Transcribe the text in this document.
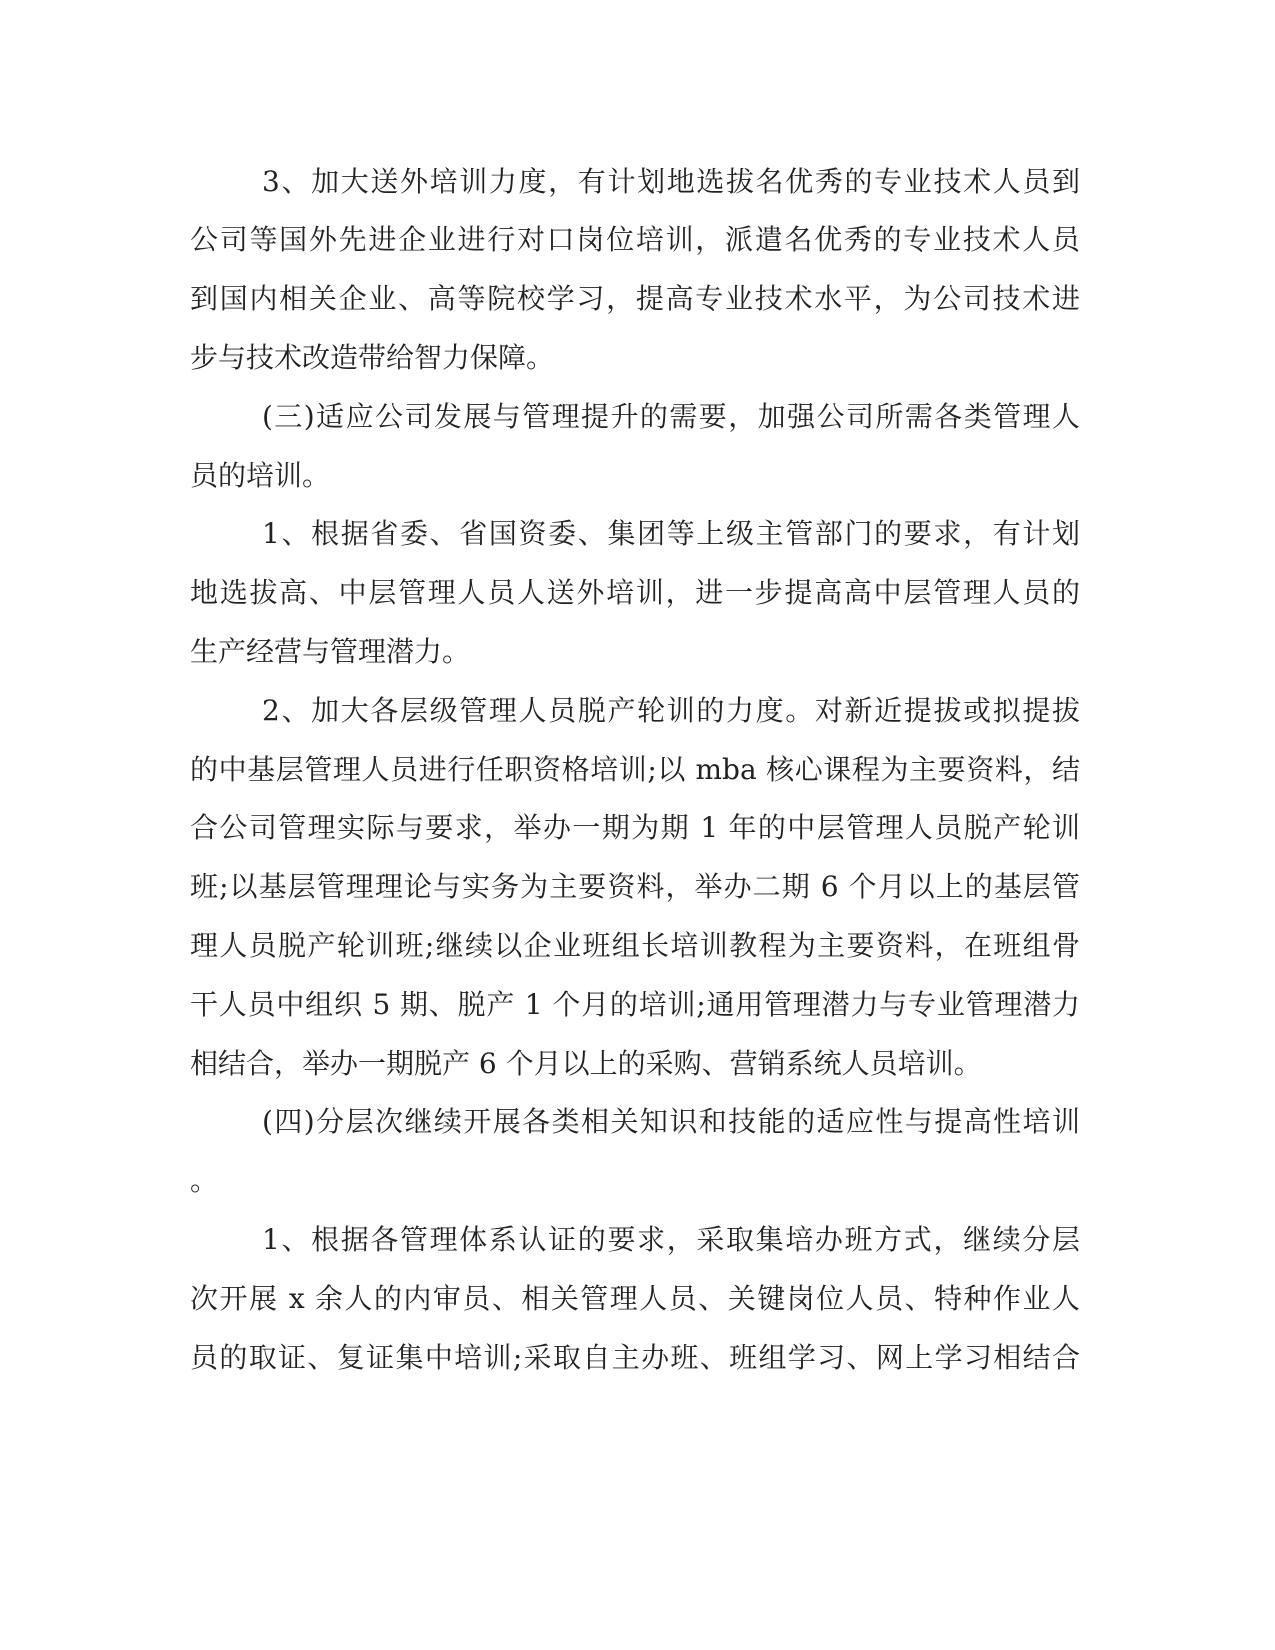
3、加大送外培训力度，有计划地选拔名优秀的专业技术人员到
公司等国外先进企业进行对口岗位培训，派遣名优秀的专业技术人员
到国内相关企业、高等院校学习，提高专业技术水平，为公司技术进
步与技术改造带给智力保障。
(三)适应公司发展与管理提升的需要，加强公司所需各类管理人
员的培训。
1、根据省委、省国资委、集团等上级主管部门的要求，有计划
地选拔高、中层管理人员人送外培训，进一步提高高中层管理人员的
生产经营与管理潜力。
2、加大各层级管理人员脱产轮训的力度。对新近提拔或拟提拔
的中基层管理人员进行任职资格培训;以 mba 核心课程为主要资料，结
合公司管理实际与要求，举办一期为期 1 年的中层管理人员脱产轮训
班;以基层管理理论与实务为主要资料，举办二期 6 个月以上的基层管
理人员脱产轮训班;继续以企业班组长培训教程为主要资料，在班组骨
干人员中组织 5 期、脱产 1 个月的培训;通用管理潜力与专业管理潜力
相结合，举办一期脱产 6 个月以上的采购、营销系统人员培训。
(四)分层次继续开展各类相关知识和技能的适应性与提高性培训
。
1、根据各管理体系认证的要求，采取集培办班方式，继续分层
次开展 x 余人的内审员、相关管理人员、关键岗位人员、特种作业人
员的取证、复证集中培训;采取自主办班、班组学习、网上学习相结合
